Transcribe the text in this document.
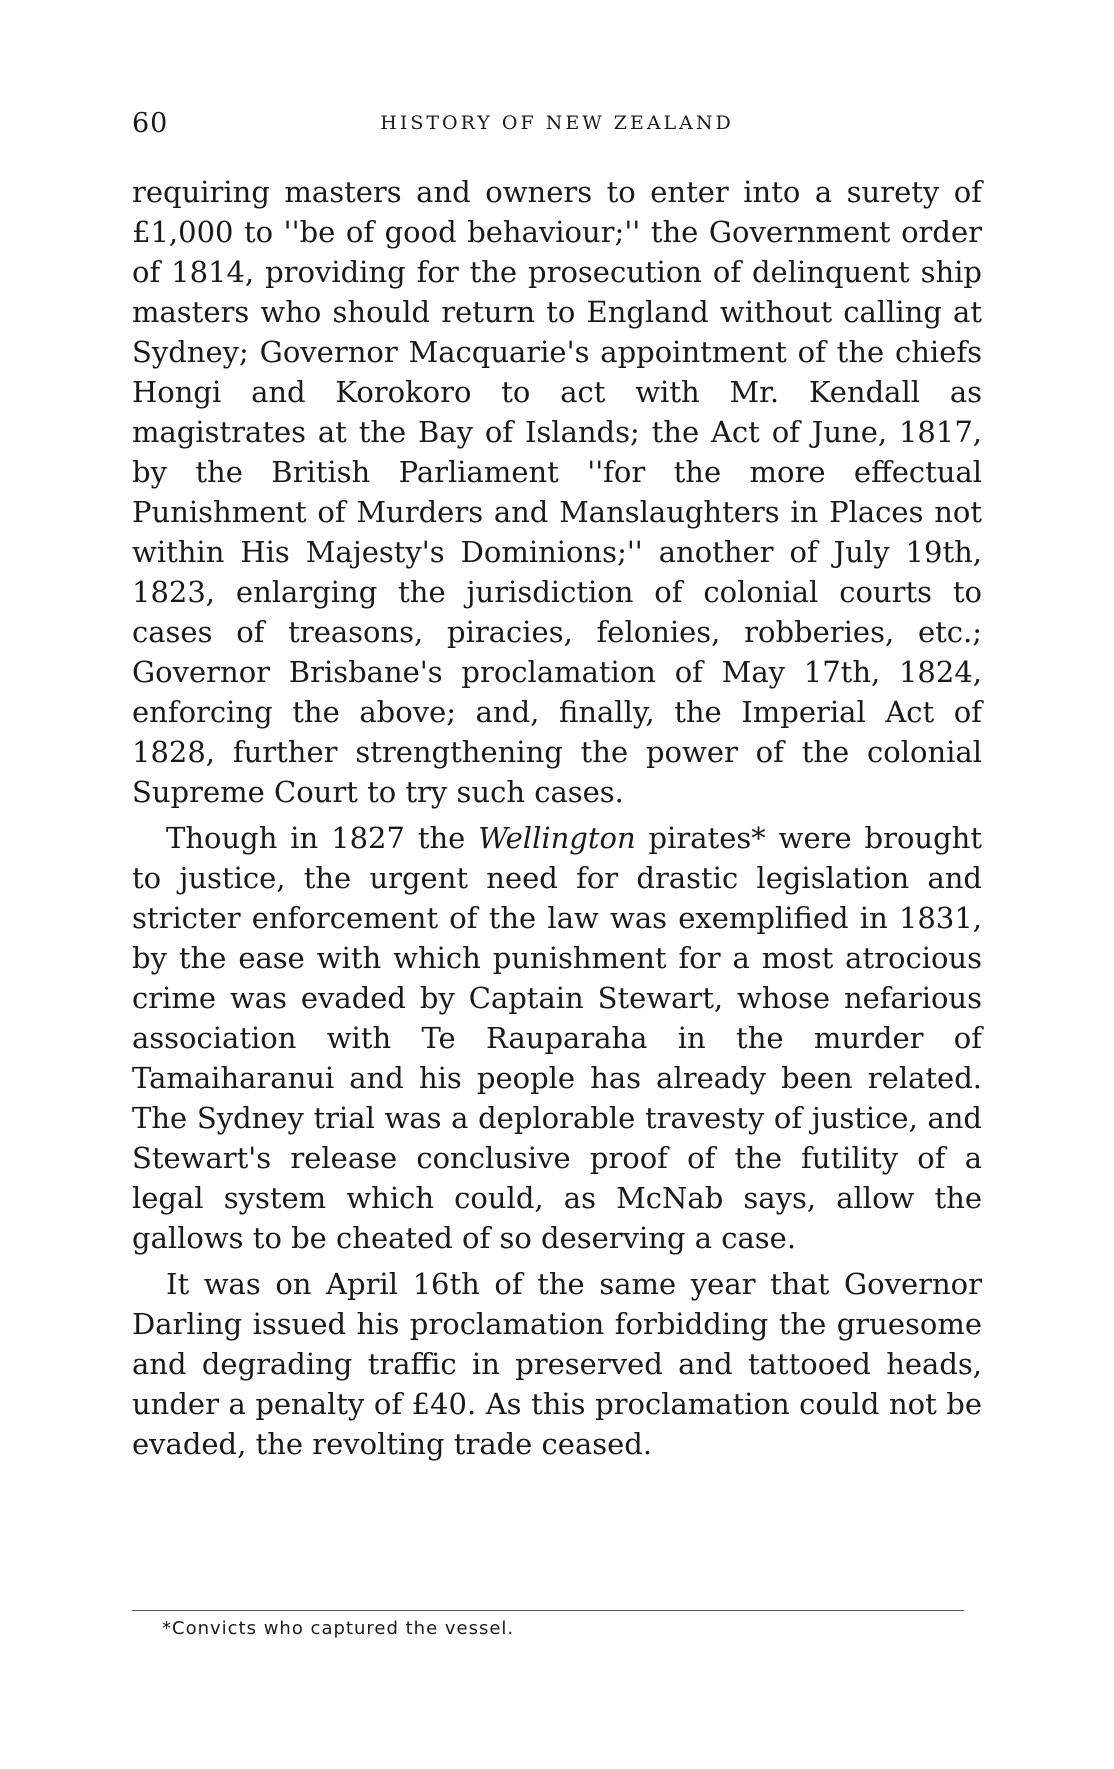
60	HISTORY OF NEW ZEALAND

requiring masters and owners to enter into a surety of £1,000 to ''be of good behaviour;'' the Government order of 1814, providing for the prosecution of delinquent ship masters who should return to England without calling at Sydney; Governor Macquarie's appointment of the chiefs Hongi and Korokoro to act with Mr. Kendall as magistrates at the Bay of Islands; the Act of June, 1817, by the British Parliament ''for the more effectual Punishment of Murders and Manslaughters in Places not within His Majesty's Dominions;'' another of July 19th, 1823, enlarging the jurisdiction of colonial courts to cases of treasons, piracies, felonies, robberies, etc.; Governor Brisbane's proclamation of May 17th, 1824, enforcing the above; and, finally, the Imperial Act of 1828, further strengthening the power of the colonial Supreme Court to try such cases.

Though in 1827 the Wellington pirates* were brought to justice, the urgent need for drastic legislation and stricter enforcement of the law was exemplified in 1831, by the ease with which punishment for a most atrocious crime was evaded by Captain Stewart, whose nefarious association with Te Rauparaha in the murder of Tamaiharanui and his people has already been related. The Sydney trial was a deplorable travesty of justice, and Stewart's release conclusive proof of the futility of a legal system which could, as McNab says, allow the gallows to be cheated of so deserving a case.

It was on April 16th of the same year that Governor Darling issued his proclamation forbidding the gruesome and degrading traffic in preserved and tattooed heads, under a penalty of £40. As this proclamation could not be evaded, the revolting trade ceased.

*Convicts who captured the vessel.
